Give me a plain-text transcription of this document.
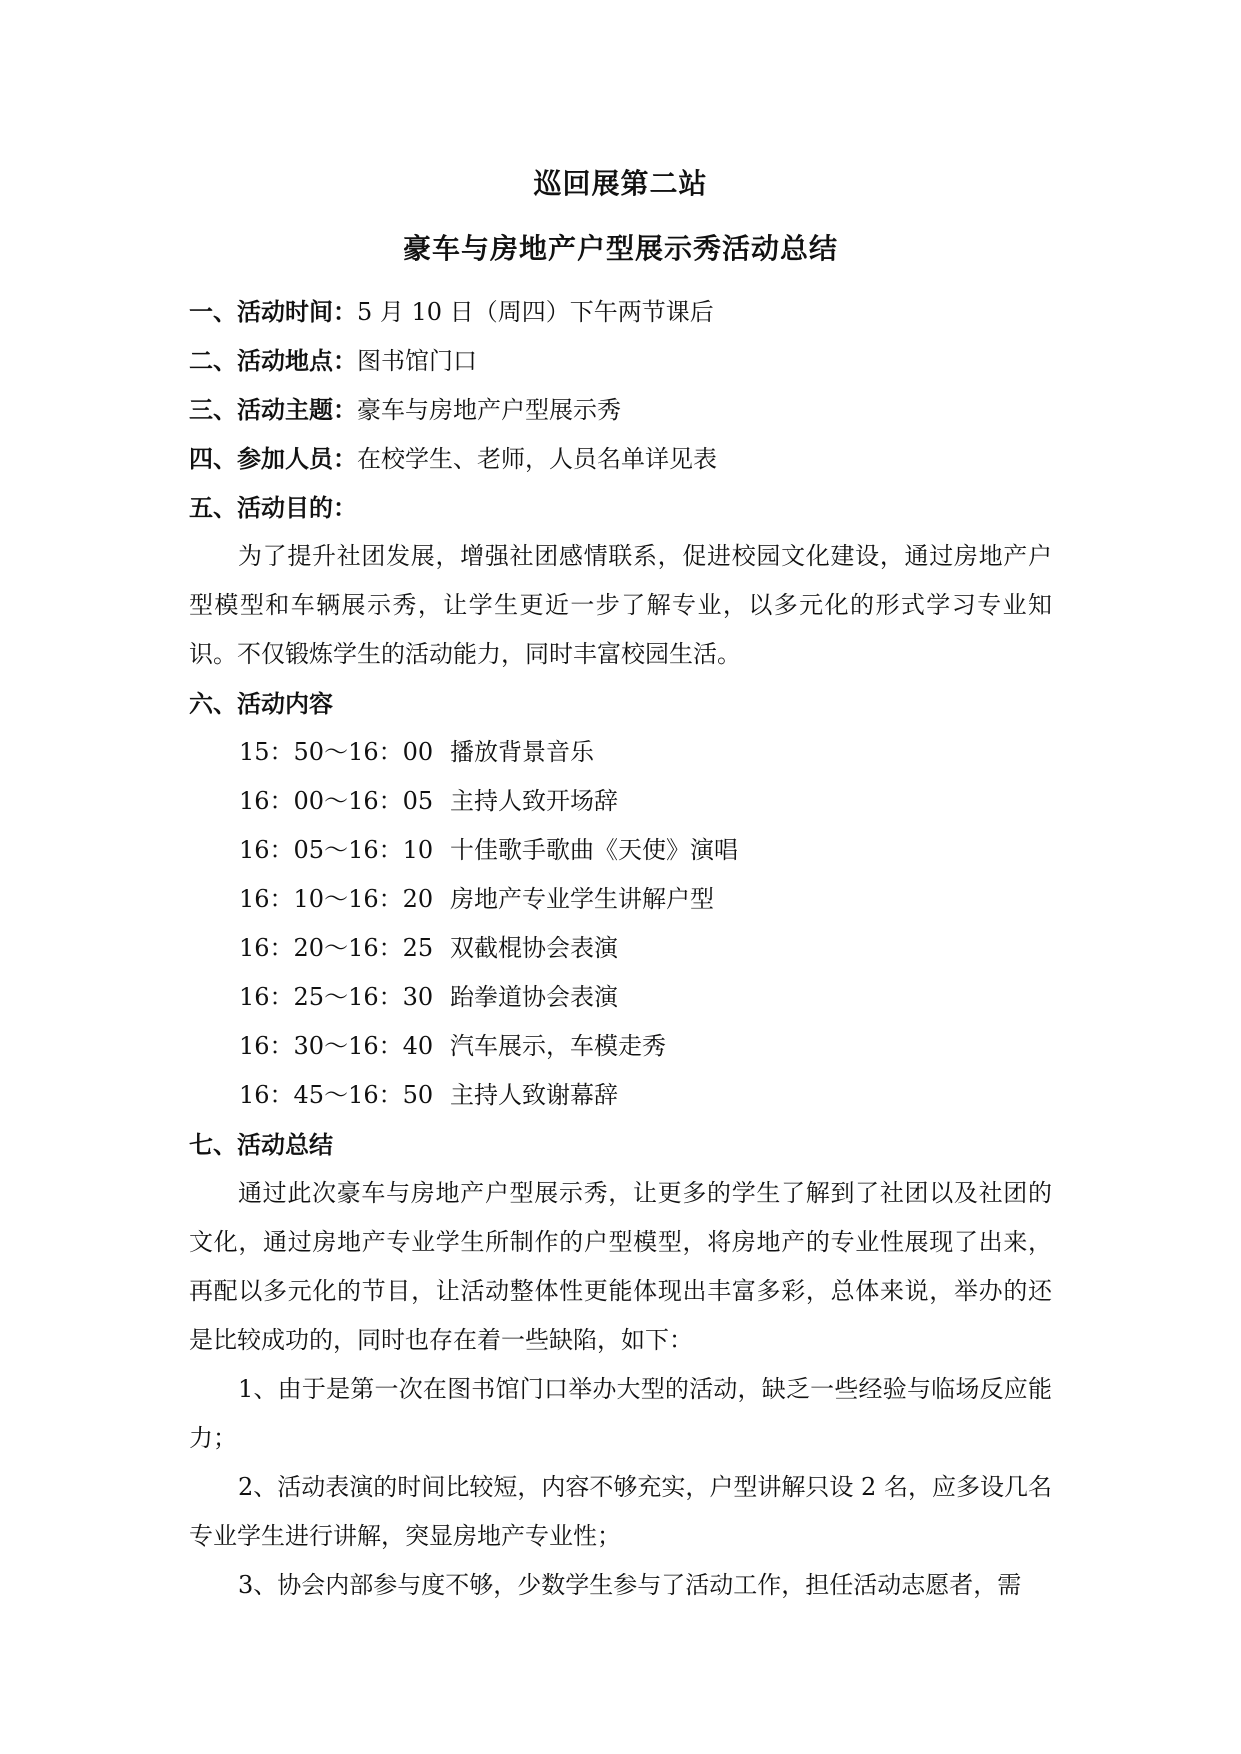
巡回展第二站
豪车与房地产户型展示秀活动总结
一、活动时间：5 月 10 日（周四）下午两节课后
二、活动地点：图书馆门口
三、活动主题：豪车与房地产户型展示秀
四、参加人员：在校学生、老师，人员名单详见表
五、活动目的：
为了提升社团发展，增强社团感情联系，促进校园文化建设，通过房地产户型模型和车辆展示秀，让学生更近一步了解专业，以多元化的形式学习专业知识。不仅锻炼学生的活动能力，同时丰富校园生活。
六、活动内容
15：50～16：00 播放背景音乐
16：00～16：05 主持人致开场辞
16：05～16：10 十佳歌手歌曲《天使》演唱
16：10～16：20 房地产专业学生讲解户型
16：20～16：25 双截棍协会表演
16：25～16：30 跆拳道协会表演
16：30～16：40 汽车展示，车模走秀
16：45～16：50 主持人致谢幕辞
七、活动总结
通过此次豪车与房地产户型展示秀，让更多的学生了解到了社团以及社团的文化，通过房地产专业学生所制作的户型模型，将房地产的专业性展现了出来，再配以多元化的节目，让活动整体性更能体现出丰富多彩，总体来说，举办的还是比较成功的，同时也存在着一些缺陷，如下：
1、由于是第一次在图书馆门口举办大型的活动，缺乏一些经验与临场反应能力；
2、活动表演的时间比较短，内容不够充实，户型讲解只设 2 名，应多设几名专业学生进行讲解，突显房地产专业性；
3、协会内部参与度不够，少数学生参与了活动工作，担任活动志愿者，需
